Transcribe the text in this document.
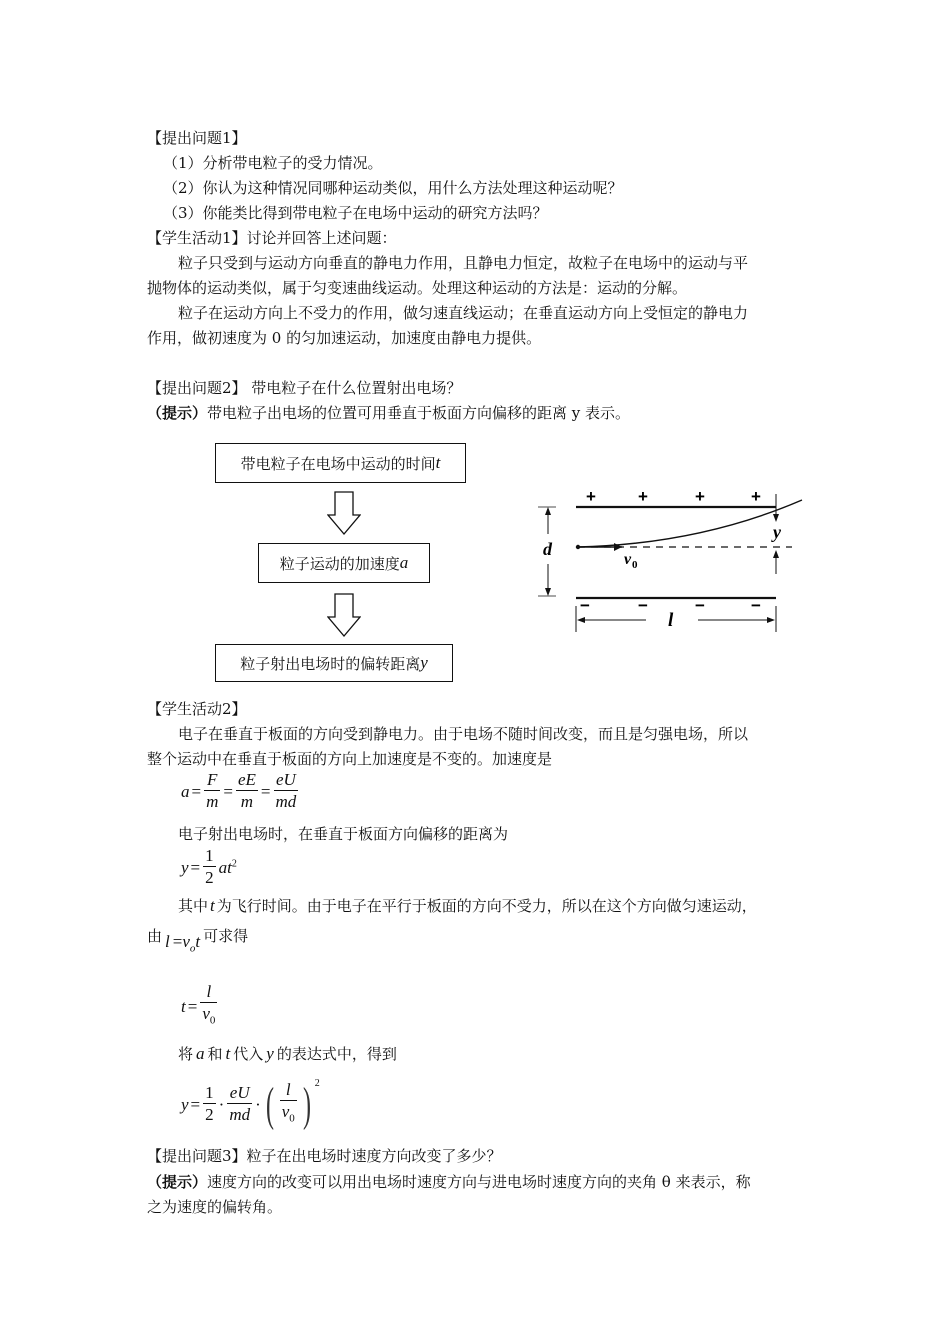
【提出问题1】
（1）分析带电粒子的受力情况。
（2）你认为这种情况同哪种运动类似，用什么方法处理这种运动呢？
（3）你能类比得到带电粒子在电场中运动的研究方法吗？
【学生活动1】讨论并回答上述问题：
粒子只受到与运动方向垂直的静电力作用，且静电力恒定，故粒子在电场中的运动与平
抛物体的运动类似，属于匀变速曲线运动。处理这种运动的方法是：运动的分解。
粒子在运动方向上不受力的作用，做匀速直线运动；在垂直运动方向上受恒定的静电力
作用，做初速度为 0 的匀加速运动，加速度由静电力提供。
【提出问题2】 带电粒子在什么位置射出电场？
（提示）带电粒子出电场的位置可用垂直于板面方向偏移的距离 y 表示。
带电粒子在电场中运动的时间 t
粒子运动的加速度 a
粒子射出电场时的偏转距离 y
+ +	+	+
−	−	−	−
d
y
v 0
l
【学生活动2】
电子在垂直于板面的方向受到静电力。由于电场不随时间改变，而且是匀强电场，所以
整个运动中在垂直于板面的方向上加速度是不变的。加速度是
$a= \frac{F}{m} = \frac{eE}{m} = \frac{eU}{md}$
电子射出电场时，在垂直于板面方向偏移的距离为
$y= \frac{1}{2} at^2$
其中 t 为飞行时间。由于电子在平行于板面的方向不受力，所以在这个方向做匀速运动，
由 $l =v_ot$ 可求得
$t= \frac{l}{v_0}$
将 a 和 t 代入 y 的表达式中，得到
$y= \frac{1}{2} \cdot \frac{eU}{md}$ · ( $\frac{l}{v_0}$ ) $^2$
【提出问题3】粒子在出电场时速度方向改变了多少？
（提示）速度方向的改变可以用出电场时速度方向与进电场时速度方向的夹角 θ 来表示，称
之为速度的偏转角。
